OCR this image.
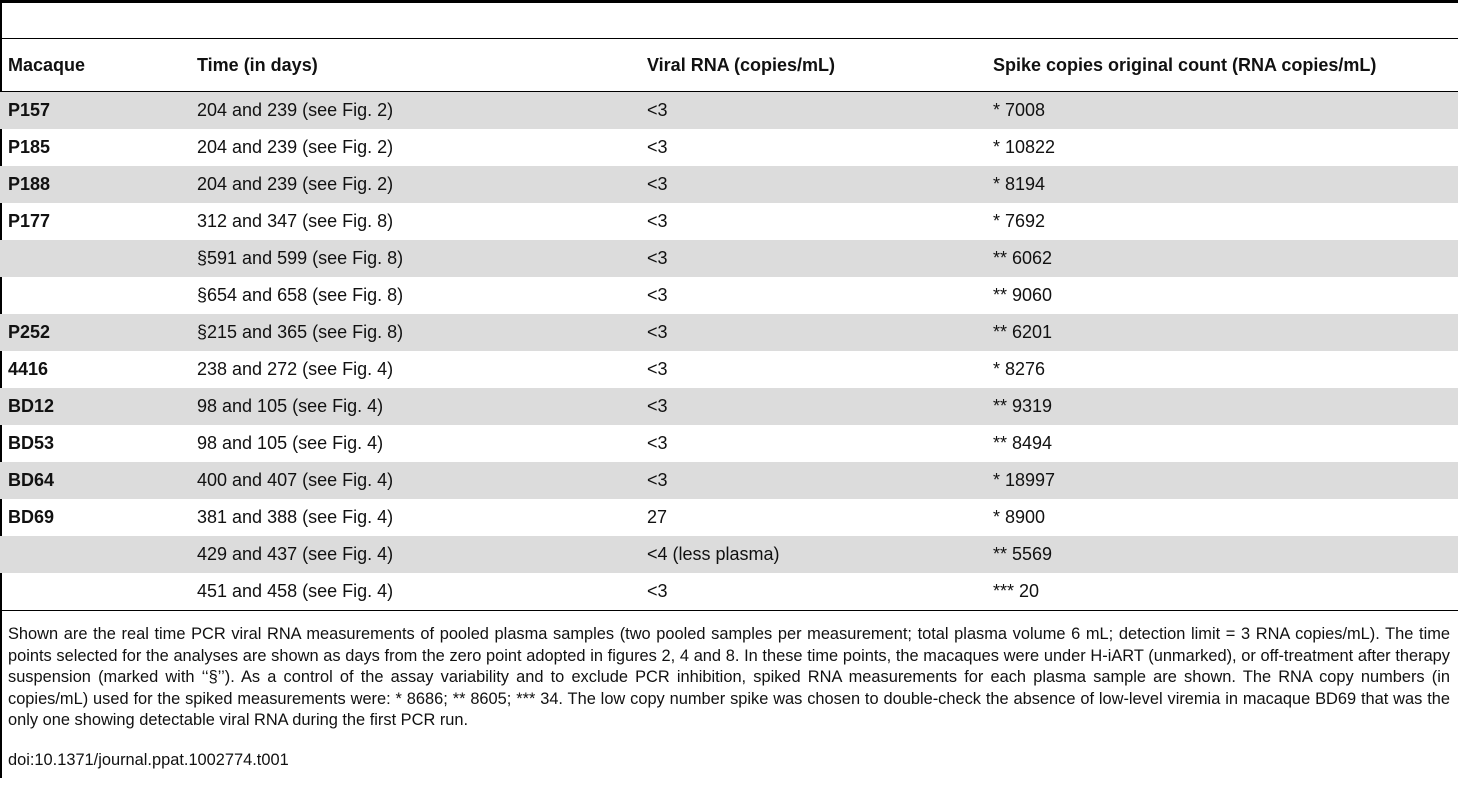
Macaque	Time (in days)	Viral RNA (copies/mL)	Spike copies original count (RNA copies/mL)
P157	204 and 239 (see Fig. 2)	<3	* 7008
P185	204 and 239 (see Fig. 2)	<3	* 10822
P188	204 and 239 (see Fig. 2)	<3	* 8194
P177	312 and 347 (see Fig. 8)	<3	* 7692
	§591 and 599 (see Fig. 8)	<3	** 6062
	§654 and 658 (see Fig. 8)	<3	** 9060
P252	§215 and 365 (see Fig. 8)	<3	** 6201
4416	238 and 272 (see Fig. 4)	<3	* 8276
BD12	98 and 105 (see Fig. 4)	<3	** 9319
BD53	98 and 105 (see Fig. 4)	<3	** 8494
BD64	400 and 407 (see Fig. 4)	<3	* 18997
BD69	381 and 388 (see Fig. 4)	27	* 8900
	429 and 437 (see Fig. 4)	<4 (less plasma)	** 5569
	451 and 458 (see Fig. 4)	<3	*** 20

Shown are the real time PCR viral RNA measurements of pooled plasma samples (two pooled samples per measurement; total plasma volume 6 mL; detection limit = 3 RNA copies/mL). The time points selected for the analyses are shown as days from the zero point adopted in figures 2, 4 and 8. In these time points, the macaques were under H-iART (unmarked), or off-treatment after therapy suspension (marked with ‘‘§’’). As a control of the assay variability and to exclude PCR inhibition, spiked RNA measurements for each plasma sample are shown. The RNA copy numbers (in copies/mL) used for the spiked measurements were: * 8686; ** 8605; *** 34. The low copy number spike was chosen to double-check the absence of low-level viremia in macaque BD69 that was the only one showing detectable viral RNA during the first PCR run.

doi:10.1371/journal.ppat.1002774.t001
